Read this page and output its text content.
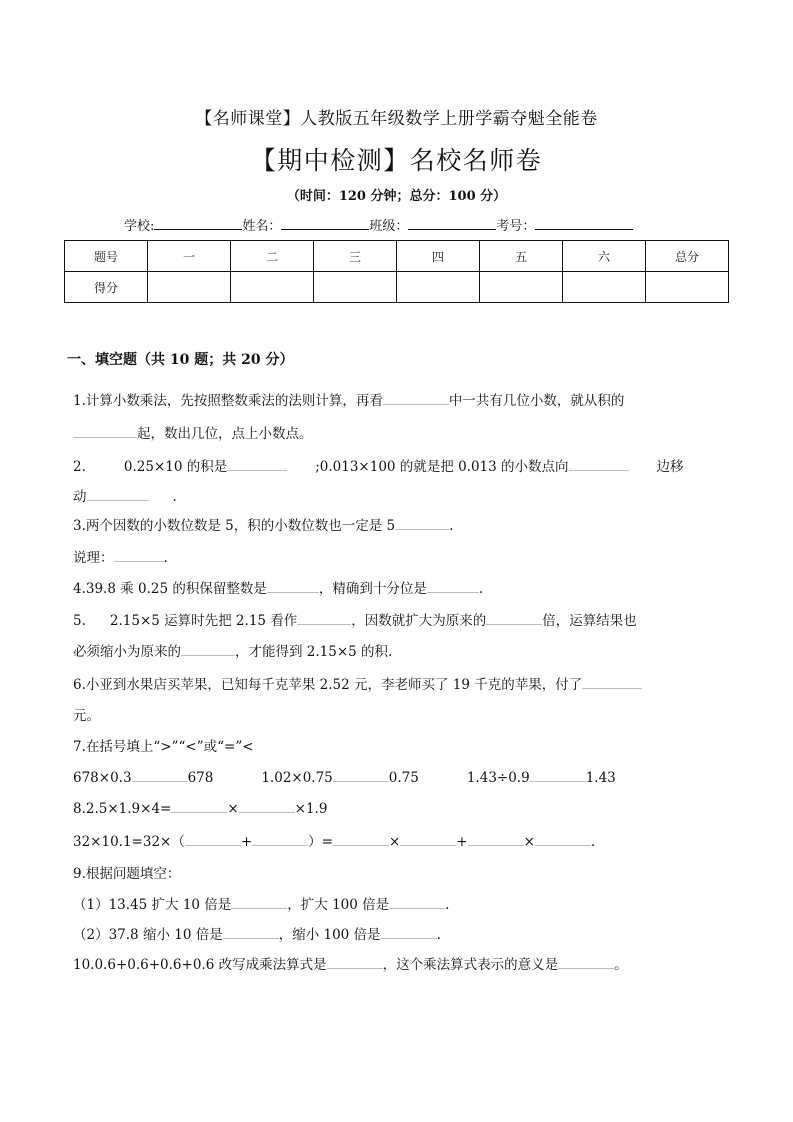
【名师课堂】人教版五年级数学上册学霸夺魁全能卷
【期中检测】名校名师卷
（时间：120 分钟；总分：100 分）
学校:	姓名：	班级：	考号：
题号	一	二	三	四	五	六	总分
得分							
一、填空题（共 10 题；共 20 分）
1.计算小数乘法，先按照整数乘法的法则计算，再看	中一共有几位小数，就从积的
起，数出几位，点上小数点。
2.	0.25×10 的积是	;0.013×100 的就是把 0.013 的小数点向	边移
动	.
3.两个因数的小数位数是 5，积的小数位数也一定是 5	.
说理：	.
4.39.8 乘 0.25 的积保留整数是	，精确到十分位是	.
5. 2.15×5 运算时先把 2.15 看作	，因数就扩大为原来的	倍，运算结果也
必须缩小为原来的	，才能得到 2.15×5 的积.
6.小亚到水果店买苹果，已知每千克苹果 2.52 元，李老师买了 19 千克的苹果，付了
元。
7.在括号填上“>”“<”或“=”<
678×0.3	678	1.02×0.75	0.75	1.43÷0.9	1.43
8.2.5×1.9×4=	×	×1.9
32×10.1=32×（	+	）=	×	+	×	.
9.根据问题填空：
（1）13.45 扩大 10 倍是	，扩大 100 倍是	.
（2）37.8 缩小 10 倍是	，缩小 100 倍是	.
10.0.6+0.6+0.6+0.6 改写成乘法算式是	，这个乘法算式表示的意义是	。
